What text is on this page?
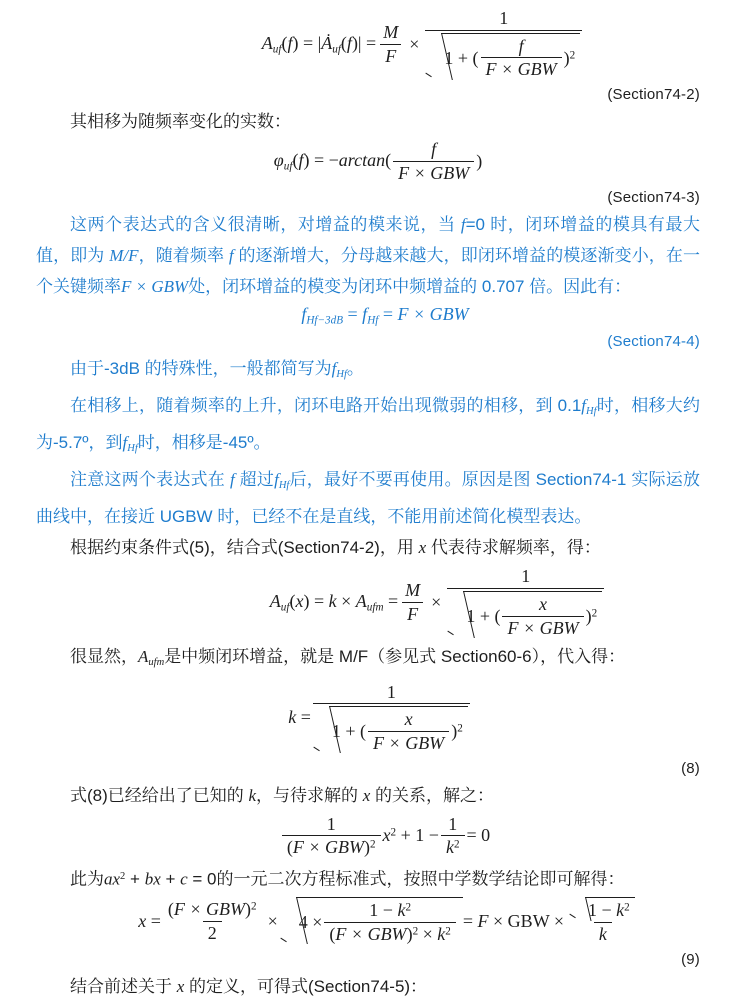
$A_{uf}(f)$ = $|Ȧ_{uf}(f)| = \frac{M}{F}$ ×
1
1 + ( $\frac{f}{\text{F × GBW}} )^2$
(Section74-2)

其相移为随频率变化的实数：

$\varphi_{uf}(f) = -\arctan( \frac{f}{\text{F × GBW}}$ )
(Section74-3)

这两个表达式的含义很清晰，对增益的模来说，当 f=0 时，闭环增益的模具有最大值，即为 M/F，随着频率 f 的逐渐增大，分母越来越大，即闭环增益的模逐渐变小，在一个关键频率F × GBW处，闭环增益的模变为闭环中频增益的 0.707 倍。因此有：

$f_{Hf-3dB} = f_{Hf} = F$ × GBW
(Section74-4)

由于-3dB 的特殊性，一般都简写为$f_{Hf}$。

在相移上，随着频率的上升，闭环电路开始出现微弱的相移，到 $0.1f_{Hf}$时，相移大约为-5.7º，到$f_{Hf}$时，相移是-45º。

注意这两个表达式在 f 超过$f_{Hf}$后，最好不要再使用。原因是图 Section74-1 实际运放曲线中，在接近 UGBW 时，已经不在是直线，不能用前述简化模型表达。

根据约束条件式(5)，结合式(Section74-2)，用 x 代表待求解频率，得：

$A_{uf}(x) = k \times A_{ufm} = \frac{M}{F}$ ×
1
1 + ( $\frac{x}{\text{F × GBW}} )^2$

很显然，$A_{ufm}$是中频闭环增益，就是 M/F（参见式 Section60-6），代入得：

k =
1
1 + ( $\frac{x}{\text{F × GBW}} )^2$
(8)

式(8)已经给出了已知的 k，与待求解的 x 的关系，解之：

$\frac{1}{(F \times GBW)^2} x^2 + 1 - \frac{1}{k^2} = 0$

此为$ax^2$ + bx + c = 0的一元二次方程标准式，按照中学数学结论即可解得：

$x = \frac{(F \times GBW)^2}{2} \times 4 \times \frac{1 - k^2}{(F \times GBW)^2 \times k^2} = F$ × GBW × $\frac{1 - k^2}{k}$
(9)

结合前述关于 x 的定义，可得式(Section74-5)：
